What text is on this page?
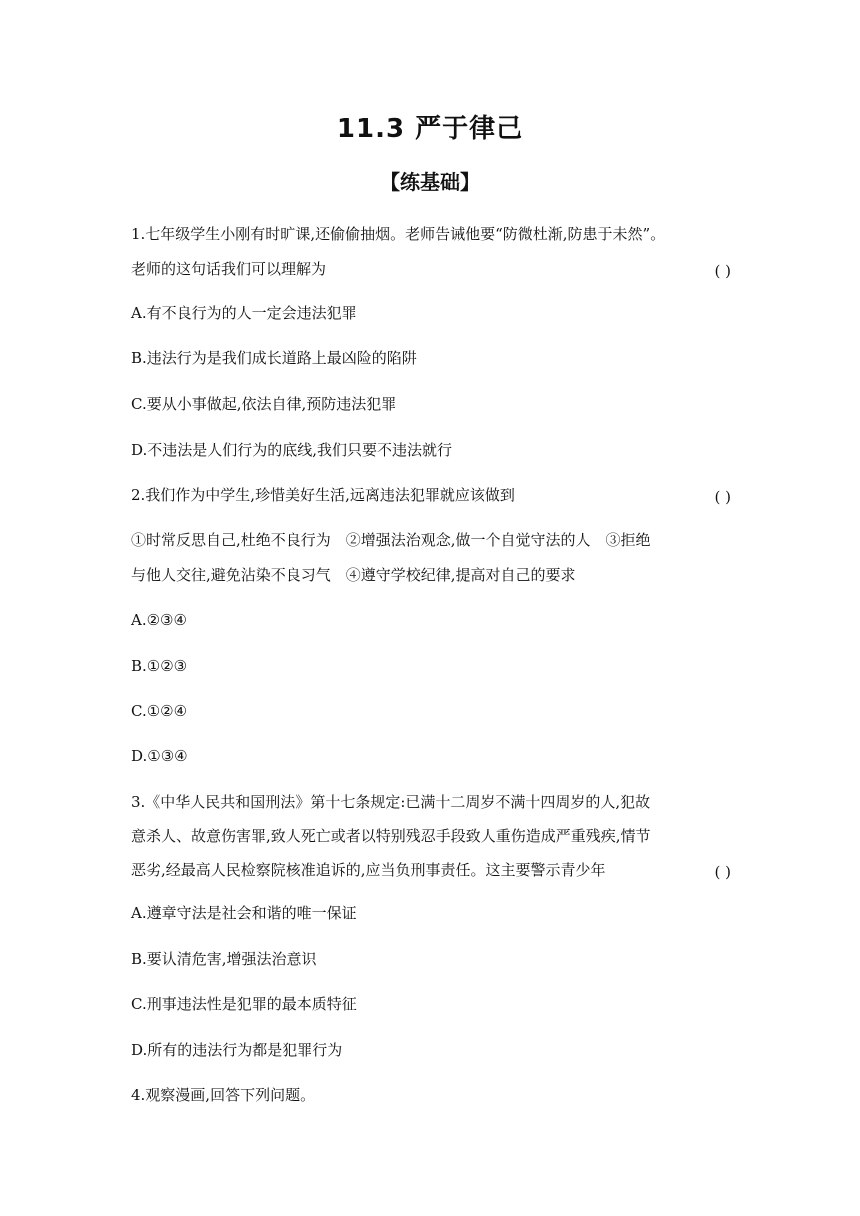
11.3 严于律己
【练基础】
1.七年级学生小刚有时旷课,还偷偷抽烟。老师告诫他要“防微杜渐,防患于未然”。
老师的这句话我们可以理解为	( )
A.有不良行为的人一定会违法犯罪
B.违法行为是我们成长道路上最凶险的陷阱
C.要从小事做起,依法自律,预防违法犯罪
D.不违法是人们行为的底线,我们只要不违法就行
2.我们作为中学生,珍惜美好生活,远离违法犯罪就应该做到	( )
①时常反思自己,杜绝不良行为　②增强法治观念,做一个自觉守法的人　③拒绝
与他人交往,避免沾染不良习气　④遵守学校纪律,提高对自己的要求
A.②③④
B.①②③
C.①②④
D.①③④
3.《中华人民共和国刑法》第十七条规定:已满十二周岁不满十四周岁的人,犯故
意杀人、故意伤害罪,致人死亡或者以特别残忍手段致人重伤造成严重残疾,情节
恶劣,经最高人民检察院核准追诉的,应当负刑事责任。这主要警示青少年	( )
A.遵章守法是社会和谐的唯一保证
B.要认清危害,增强法治意识
C.刑事违法性是犯罪的最本质特征
D.所有的违法行为都是犯罪行为
4.观察漫画,回答下列问题。
